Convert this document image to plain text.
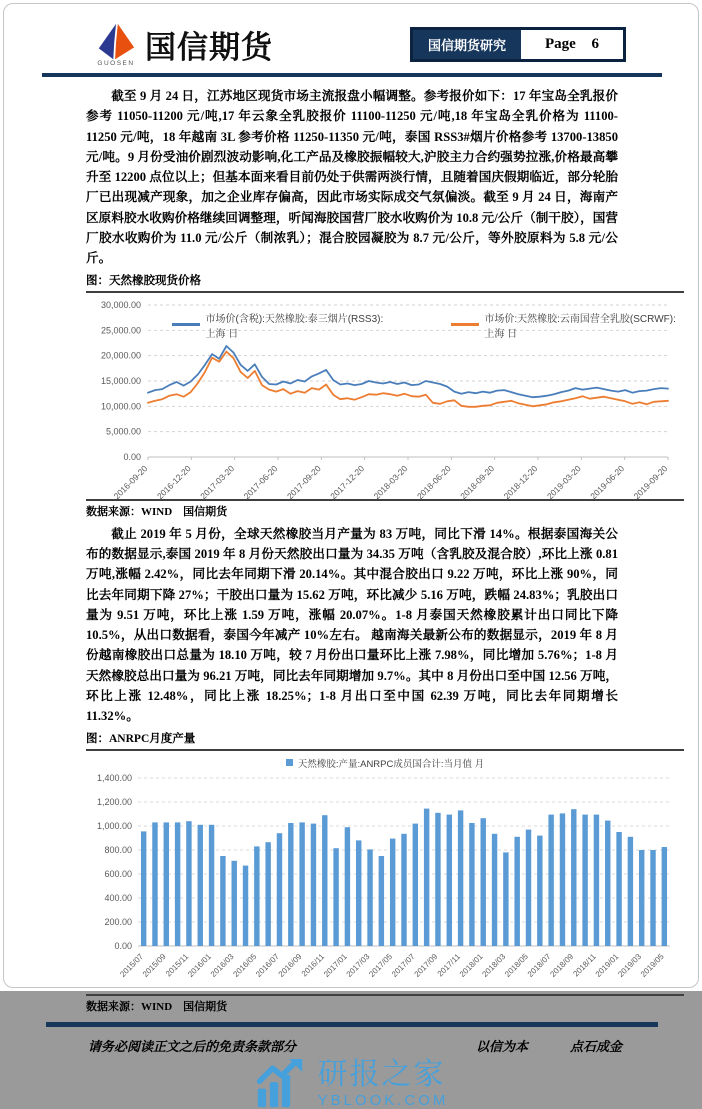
GUOSEN 国信期货	国信期货研究	Page 6

截至 9 月 24 日，江苏地区现货市场主流报盘小幅调整。参考报价如下：17 年宝岛全乳报价参考 11050-11200 元/吨,17 年云象全乳胶报价 11100-11250 元/吨,18 年宝岛全乳价格为 11100-11250 元/吨，18 年越南 3L 参考价格 11250-11350 元/吨，泰国 RSS3#烟片价格参考 13700-13850 元/吨。9 月份受油价剧烈波动影响,化工产品及橡胶振幅较大,沪胶主力合约强势拉涨,价格最高攀升至 12200 点位以上；但基本面来看目前仍处于供需两淡行情，且随着国庆假期临近，部分轮胎厂已出现减产现象，加之企业库存偏高，因此市场实际成交气氛偏淡。截至 9 月 24 日，海南产区原料胶水收购价格继续回调整理，听闻海胶国营厂胶水收购价为 10.8 元/公斤（制干胶），国营厂胶水收购价为 11.0 元/公斤（制浓乳）；混合胶园凝胶为 8.7 元/公斤，等外胶原料为 5.8 元/公斤。

图：天然橡胶现货价格
市场价(含税):天然橡胶:泰三烟片(RSS3):上海 日
市场价:天然橡胶:云南国营全乳胶(SCRWF):上海 日
0.00
5,000.00
10,000.00
15,000.00
20,000.00
25,000.00
30,000.00
2016-09-20 2016-12-20 2017-03-20 2017-06-20 2017-09-20 2017-12-20 2018-03-20 2018-06-20 2018-09-20 2018-12-20 2019-03-20 2019-06-20 2019-09-20
数据来源：WIND　国信期货

截止 2019 年 5 月份，全球天然橡胶当月产量为 83 万吨，同比下滑 14%。根据泰国海关公布的数据显示,泰国 2019 年 8 月份天然胶出口量为 34.35 万吨（含乳胶及混合胶）,环比上涨 0.81 万吨,涨幅 2.42%，同比去年同期下滑 20.14%。其中混合胶出口 9.22 万吨，环比上涨 90%，同比去年同期下降 27%；干胶出口量为 15.62 万吨，环比减少 5.16 万吨，跌幅 24.83%；乳胶出口量为 9.51 万吨，环比上涨 1.59 万吨，涨幅 20.07%。1-8 月泰国天然橡胶累计出口同比下降 10.5%，从出口数据看，泰国今年减产 10%左右。 越南海关最新公布的数据显示，2019 年 8 月份越南橡胶出口总量为 18.10 万吨，较 7 月份出口量环比上涨 7.98%，同比增加 5.76%；1-8 月天然橡胶总出口量为 96.21 万吨，同比去年同期增加 9.7%。其中 8 月份出口至中国 12.56 万吨，环比上涨 12.48%，同比上涨 18.25%；1-8 月出口至中国 62.39 万吨，同比去年同期增长 11.32%。

图：ANRPC月度产量
天然橡胶:产量:ANRPC成员国合计:当月值 月
0.00
200.00
400.00
600.00
800.00
1,000.00
1,200.00
1,400.00
2015/07
2015/09
2015/11
2016/01
2016/03
2016/05
2016/07
2016/09
2016/11
2017/01
2017/03
2017/05
2017/07
2017/09
2017/11
2018/01
2018/03
2018/05
2018/07
2018/09
2018/11
2019/01
2019/03
2019/05
数据来源：WIND　国信期货
请务必阅读正文之后的免责条款部分	以信为本	点石成金
研报之家
YBLOOK.COM
